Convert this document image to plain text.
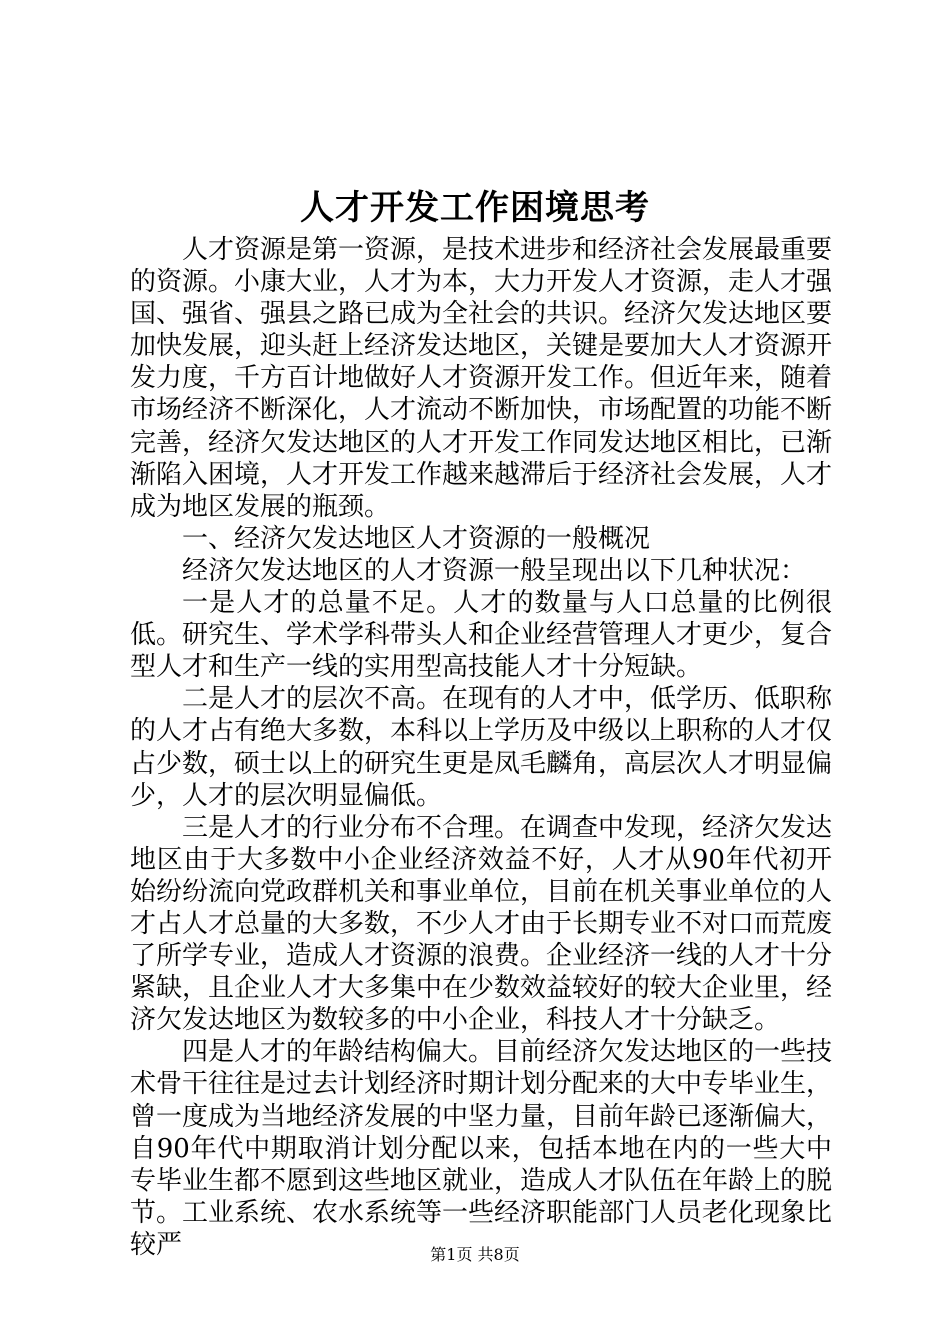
人才开发工作困境思考

人才资源是第一资源，是技术进步和经济社会发展最重要的资源。小康大业，人才为本，大力开发人才资源，走人才强国、强省、强县之路已成为全社会的共识。经济欠发达地区要加快发展，迎头赶上经济发达地区，关键是要加大人才资源开发力度，千方百计地做好人才资源开发工作。但近年来，随着市场经济不断深化，人才流动不断加快，市场配置的功能不断完善，经济欠发达地区的人才开发工作同发达地区相比，已渐渐陷入困境，人才开发工作越来越滞后于经济社会发展，人才成为地区发展的瓶颈。

一、经济欠发达地区人才资源的一般概况

经济欠发达地区的人才资源一般呈现出以下几种状况：

一是人才的总量不足。人才的数量与人口总量的比例很低。研究生、学术学科带头人和企业经营管理人才更少，复合型人才和生产一线的实用型高技能人才十分短缺。

二是人才的层次不高。在现有的人才中，低学历、低职称的人才占有绝大多数，本科以上学历及中级以上职称的人才仅占少数，硕士以上的研究生更是凤毛麟角，高层次人才明显偏少，人才的层次明显偏低。

三是人才的行业分布不合理。在调查中发现，经济欠发达地区由于大多数中小企业经济效益不好，人才从90年代初开始纷纷流向党政群机关和事业单位，目前在机关事业单位的人才占人才总量的大多数，不少人才由于长期专业不对口而荒废了所学专业，造成人才资源的浪费。企业经济一线的人才十分紧缺，且企业人才大多集中在少数效益较好的较大企业里，经济欠发达地区为数较多的中小企业，科技人才十分缺乏。

四是人才的年龄结构偏大。目前经济欠发达地区的一些技术骨干往往是过去计划经济时期计划分配来的大中专毕业生，曾一度成为当地经济发展的中坚力量，目前年龄已逐渐偏大，自90年代中期取消计划分配以来，包括本地在内的一些大中专毕业生都不愿到这些地区就业，造成人才队伍在年龄上的脱节。工业系统、农水系统等一些经济职能部门人员老化现象比较严	第1页 共8页
